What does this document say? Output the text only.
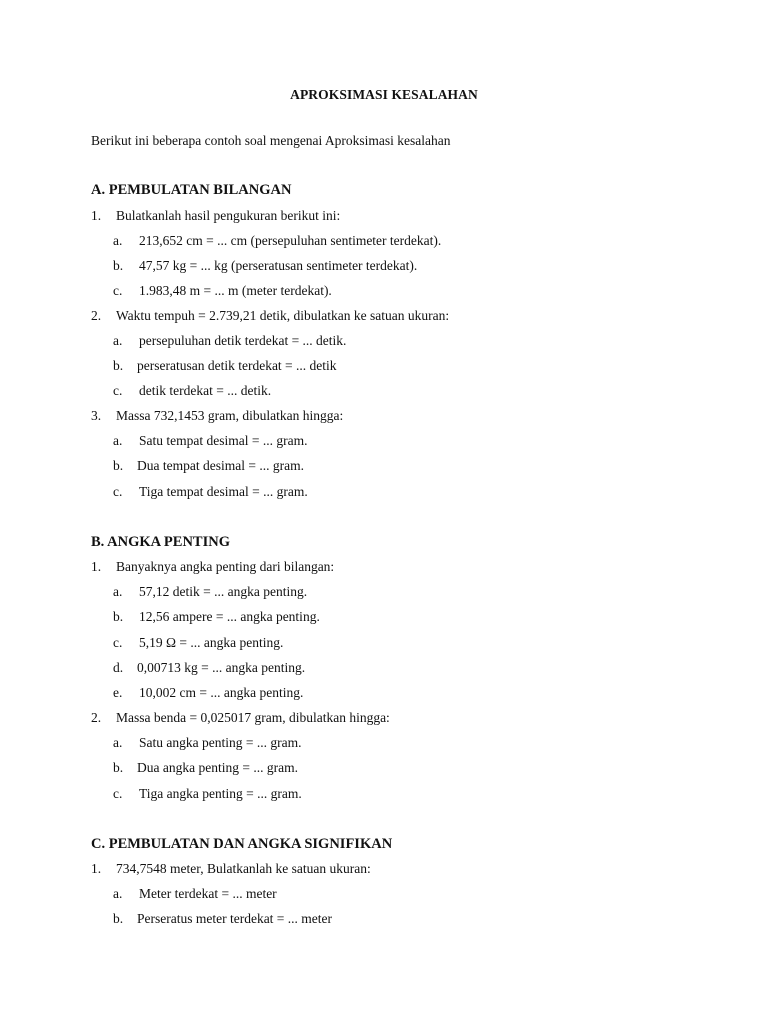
APROKSIMASI KESALAHAN
Berikut ini beberapa contoh soal mengenai Aproksimasi kesalahan
A. PEMBULATAN BILANGAN
1. Bulatkanlah hasil pengukuran berikut ini:
a. 213,652 cm = ... cm (persepuluhan sentimeter terdekat).
b. 47,57 kg = ... kg (perseratusan sentimeter terdekat).
c. 1.983,48 m = ... m (meter terdekat).
2. Waktu tempuh = 2.739,21 detik, dibulatkan ke satuan ukuran:
a. persepuluhan detik terdekat = ... detik.
b. perseratusan detik terdekat = ... detik
c. detik terdekat = ... detik.
3. Massa 732,1453 gram, dibulatkan hingga:
a. Satu tempat desimal = ... gram.
b. Dua tempat desimal = ... gram.
c. Tiga tempat desimal = ... gram.
B. ANGKA PENTING
1. Banyaknya angka penting dari bilangan:
a. 57,12 detik = ... angka penting.
b. 12,56 ampere = ... angka penting.
c. 5,19 Ω = ... angka penting.
d. 0,00713 kg = ... angka penting.
e. 10,002 cm = ... angka penting.
2. Massa benda = 0,025017 gram, dibulatkan hingga:
a. Satu angka penting = ... gram.
b. Dua angka penting = ... gram.
c. Tiga angka penting = ... gram.
C. PEMBULATAN DAN ANGKA SIGNIFIKAN
1. 734,7548 meter, Bulatkanlah ke satuan ukuran:
a. Meter terdekat = ... meter
b. Perseratus meter terdekat = ... meter
